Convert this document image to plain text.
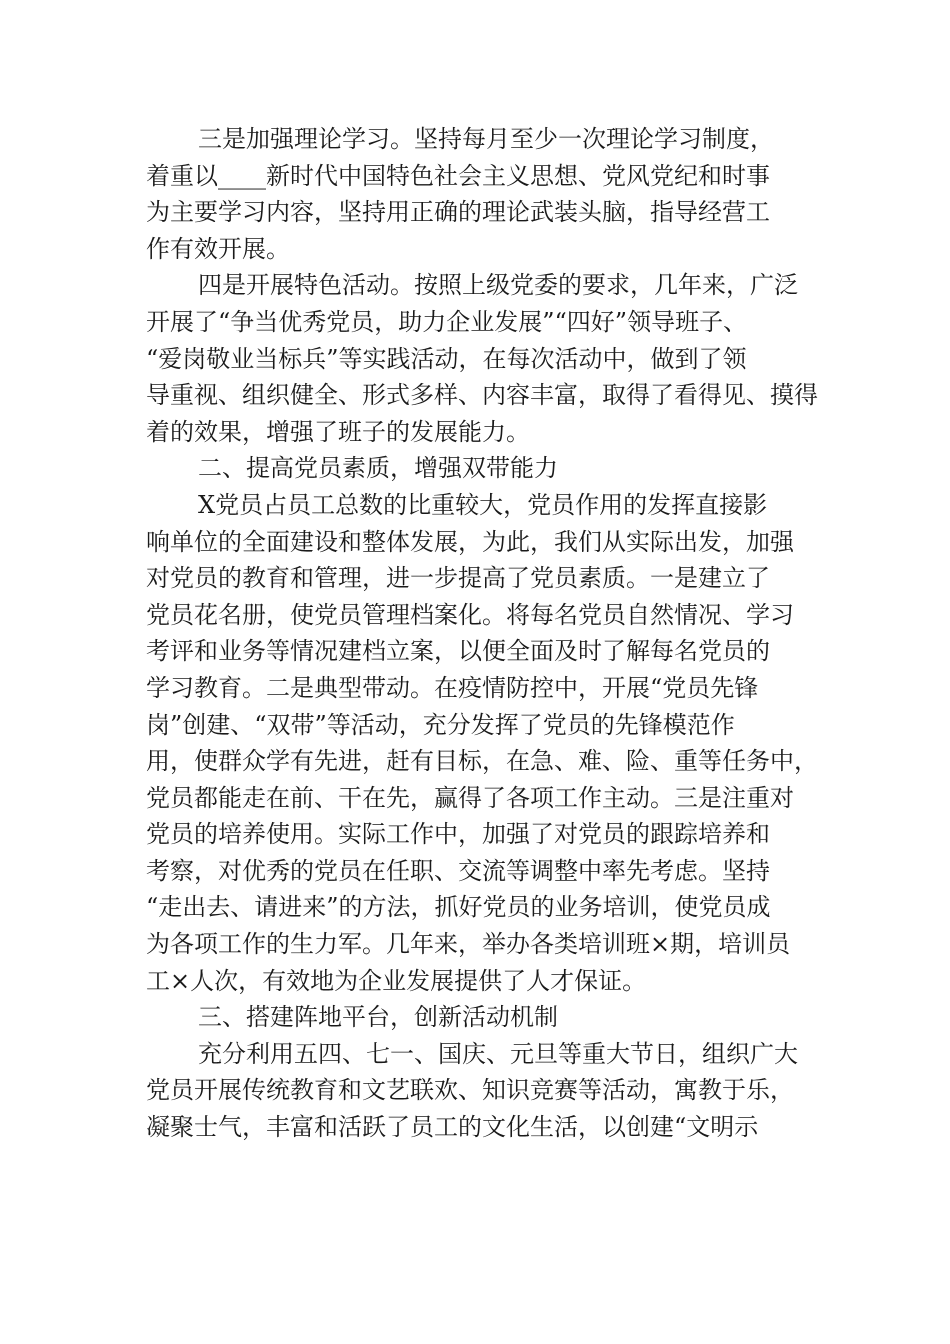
三是加强理论学习。坚持每月至少一次理论学习制度，
着重以____新时代中国特色社会主义思想、党风党纪和时事
为主要学习内容，坚持用正确的理论武装头脑，指导经营工
作有效开展。
四是开展特色活动。按照上级党委的要求，几年来，广泛
开展了“争当优秀党员，助力企业发展”“四好”领导班子、
“爱岗敬业当标兵”等实践活动，在每次活动中，做到了领
导重视、组织健全、形式多样、内容丰富，取得了看得见、摸得
着的效果，增强了班子的发展能力。
二、提高党员素质，增强双带能力
X党员占员工总数的比重较大，党员作用的发挥直接影
响单位的全面建设和整体发展，为此，我们从实际出发，加强
对党员的教育和管理，进一步提高了党员素质。一是建立了
党员花名册，使党员管理档案化。将每名党员自然情况、学习
考评和业务等情况建档立案，以便全面及时了解每名党员的
学习教育。二是典型带动。在疫情防控中，开展“党员先锋
岗”创建、“双带”等活动，充分发挥了党员的先锋模范作
用，使群众学有先进，赶有目标，在急、难、险、重等任务中，
党员都能走在前、干在先，赢得了各项工作主动。三是注重对
党员的培养使用。实际工作中，加强了对党员的跟踪培养和
考察，对优秀的党员在任职、交流等调整中率先考虑。坚持
“走出去、请进来”的方法，抓好党员的业务培训，使党员成
为各项工作的生力军。几年来，举办各类培训班×期，培训员
工×人次，有效地为企业发展提供了人才保证。
三、搭建阵地平台，创新活动机制
充分利用五四、七一、国庆、元旦等重大节日，组织广大
党员开展传统教育和文艺联欢、知识竞赛等活动，寓教于乐，
凝聚士气，丰富和活跃了员工的文化生活，以创建“文明示
